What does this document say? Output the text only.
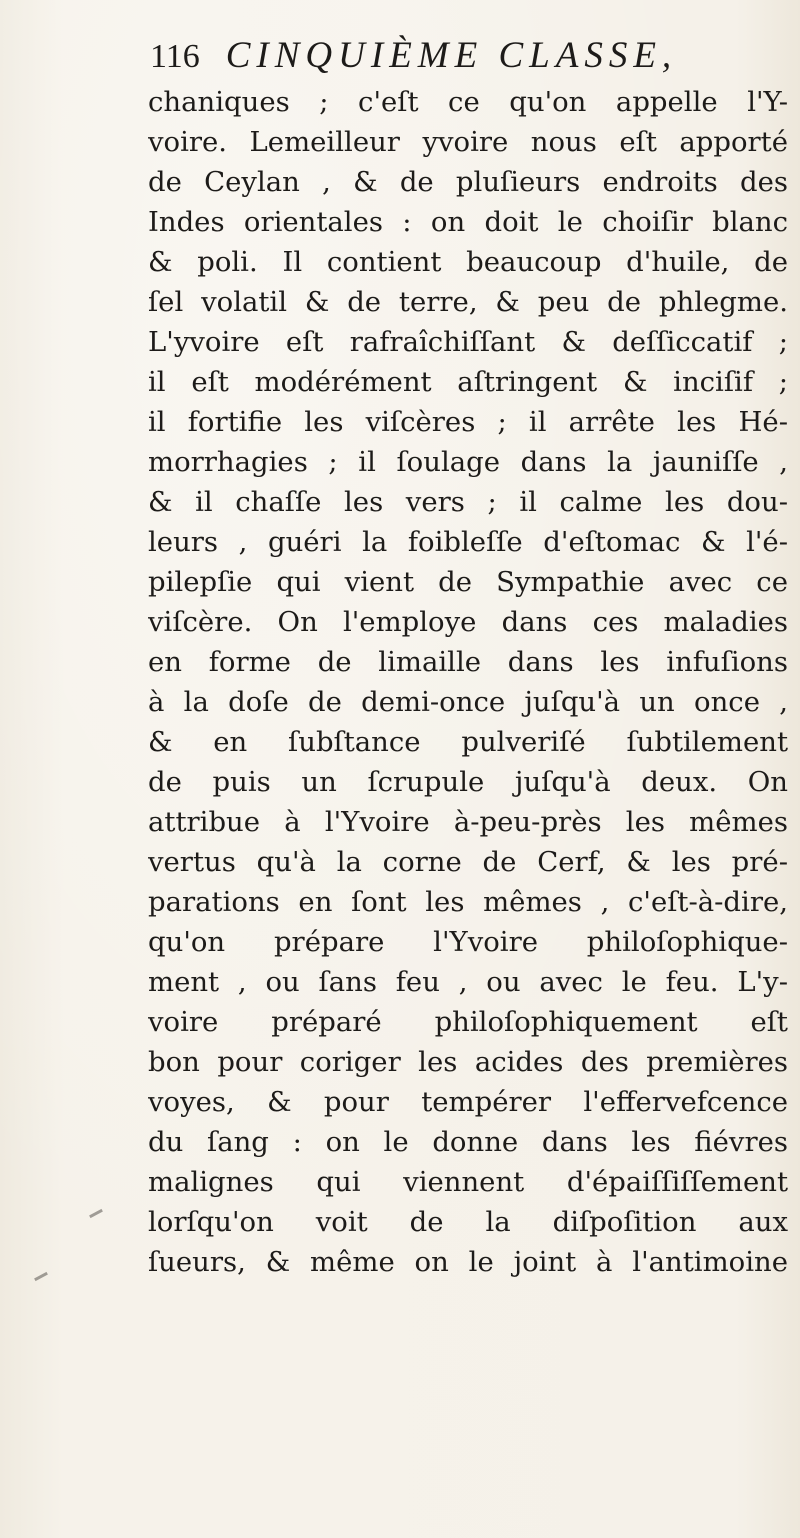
116 CINQUIÈME CLASSE,
chaniques ; c'eſt ce qu'on appelle l'Y-
voire. Lemeilleur yvoire nous eſt apporté
de Ceylan , & de pluſieurs endroits des
Indes orientales : on doit le choiſir blanc
& poli. Il contient beaucoup d'huile, de
ſel volatil & de terre, & peu de phlegme.
L'yvoire eſt rafraîchiſſant & deſſiccatif ;
il eſt modérément aſtringent & inciſif ;
il fortifie les viſcères ; il arrête les Hé-
morrhagies ; il ſoulage dans la jauniſſe ,
& il chaſſe les vers ; il calme les dou-
leurs , guéri la foibleſſe d'eſtomac & l'é-
pilepſie qui vient de Sympathie avec ce
viſcère. On l'employe dans ces maladies
en forme de limaille dans les infuſions
à la doſe de demi-once juſqu'à un once ,
& en ſubſtance pulveriſé ſubtilement
de puis un ſcrupule juſqu'à deux. On
attribue à l'Yvoire à-peu-près les mêmes
vertus qu'à la corne de Cerf, & les pré-
parations en ſont les mêmes , c'eſt-à-dire,
qu'on prépare l'Yvoire philoſophique-
ment , ou ſans feu , ou avec le feu. L'y-
voire préparé philoſophiquement eſt
bon pour coriger les acides des premières
voyes, & pour tempérer l'effervefcence
du ſang : on le donne dans les fiévres
malignes qui viennent d'épaiſſiſſement
lorſqu'on voit de la diſpoſition aux
ſueurs, & même on le joint à l'antimoine
